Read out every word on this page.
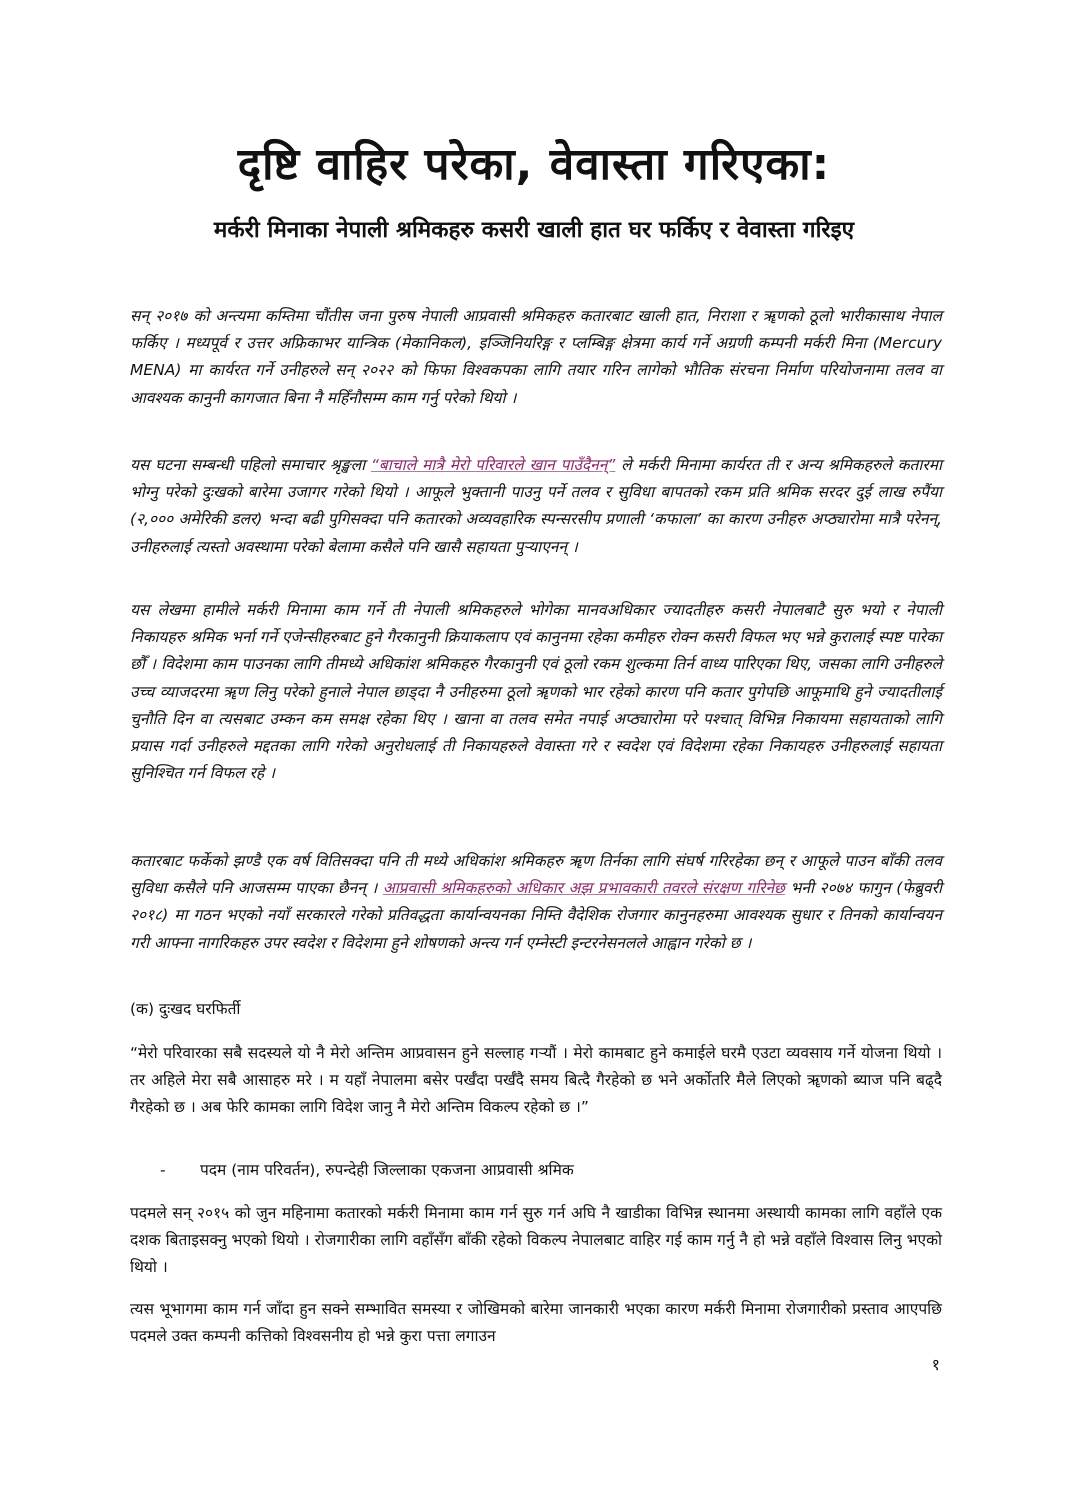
दृष्टि वाहिर परेका, वेवास्ता गरिएका:
मर्करी मिनाका नेपाली श्रमिकहरु कसरी खाली हात घर फर्किए र वेवास्ता गरिइए

सन् २०१७ को अन्त्यमा कम्तिमा चौंतीस जना पुरुष नेपाली आप्रवासी श्रमिकहरु कतारबाट खाली हात, निराशा र ॠणको ठूलो भारीकासाथ नेपाल फर्किए । मध्यपूर्व र उत्तर अफ्रिकाभर यान्त्रिक (मेकानिकल), इञ्जिनियरिङ्ग र प्लम्बिङ्ग क्षेत्रमा कार्य गर्ने अग्रणी कम्पनी मर्करी मिना (Mercury MENA) मा कार्यरत गर्ने उनीहरुले सन् २०२२ को फिफा विश्वकपका लागि तयार गरिन लागेको भौतिक संरचना निर्माण परियोजनामा तलव वा आवश्यक कानुनी कागजात बिना नै महिँनौसम्म काम गर्नु परेको थियो ।

यस घटना सम्बन्धी पहिलो समाचार श्रृङ्खला “बाचाले मात्रै मेरो परिवारले खान पाउँदैनन्” ले मर्करी मिनामा कार्यरत ती र अन्य श्रमिकहरुले कतारमा भोग्नु परेको दुःखको बारेमा उजागर गरेको थियो । आफूले भुक्तानी पाउनु पर्ने तलव र सुविधा बापतको रकम प्रति श्रमिक सरदर दुई लाख रुपैंया (२,००० अमेरिकी डलर) भन्दा बढी पुगिसक्दा पनि कतारको अव्यवहारिक स्पन्सरसीप प्रणाली ‘कफाला’ का कारण उनीहरु अप्ठ्यारोमा मात्रै परेनन्, उनीहरुलाई त्यस्तो अवस्थामा परेको बेलामा कसैले पनि खासै सहायता पुर्‍याएनन् ।

यस लेखमा हामीले मर्करी मिनामा काम गर्ने ती नेपाली श्रमिकहरुले भोगेका मानवअधिकार ज्यादतीहरु कसरी नेपालबाटै सुरु भयो र नेपाली निकायहरु श्रमिक भर्ना गर्ने एजेन्सीहरुबाट हुने गैरकानुनी क्रियाकलाप एवं कानुनमा रहेका कमीहरु रोक्न कसरी विफल भए भन्ने कुरालाई स्पष्ट पारेका छौँ । विदेशमा काम पाउनका लागि तीमध्ये अधिकांश श्रमिकहरु गैरकानुनी एवं ठूलो रकम शुल्कमा तिर्न वाध्य पारिएका थिए, जसका लागि उनीहरुले उच्च व्याजदरमा ॠण लिनु परेको हुनाले नेपाल छाड्दा नै उनीहरुमा ठूलो ॠणको भार रहेको कारण पनि कतार पुगेपछि आफूमाथि हुने ज्यादतीलाई चुनौति दिन वा त्यसबाट उम्कन कम समक्ष रहेका थिए । खाना वा तलव समेत नपाई अप्ठ्यारोमा परे पश्चात् विभिन्न निकायमा सहायताको लागि प्रयास गर्दा उनीहरुले मद्दतका लागि गरेको अनुरोधलाई ती निकायहरुले वेवास्ता गरे र स्वदेश एवं विदेशमा रहेका निकायहरु उनीहरुलाई सहायता सुनिश्चित गर्न विफल रहे ।

कतारबाट फर्केको झण्डै एक वर्ष वितिसक्दा पनि ती मध्ये अधिकांश श्रमिकहरु ॠण तिर्नका लागि संघर्ष गरिरहेका छन् र आफूले पाउन बाँकी तलव सुविधा कसैले पनि आजसम्म पाएका छैनन् । आप्रवासी श्रमिकहरुको अधिकार अझ प्रभावकारी तवरले संरक्षण गरिनेछ भनी २०७४ फागुन (फेब्रुवरी २०१८) मा गठन भएको नयाँ सरकारले गरेको प्रतिवद्धता कार्यान्वयनका निम्ति वैदेशिक रोजगार कानुनहरुमा आवश्यक सुधार र तिनको कार्यान्वयन गरी आफ्ना नागरिकहरु उपर स्वदेश र विदेशमा हुने शोषणको अन्त्य गर्न एम्नेस्टी इन्टरनेसनलले आह्वान गरेको छ ।

(क) दुःखद घरफिर्ती

“मेरो परिवारका सबै सदस्यले यो नै मेरो अन्तिम आप्रवासन हुने सल्लाह गर्‍यौं । मेरो कामबाट हुने कमाईले घरमै एउटा व्यवसाय गर्ने योजना थियो । तर अहिले मेरा सबै आसाहरु मरे । म यहाँ नेपालमा बसेर पर्खँदा पर्खँदै समय बित्दै गैरहेको छ भने अर्कोतरि मैले लिएको ॠणको ब्याज पनि बढ्दै गैरहेको छ । अब फेरि कामका लागि विदेश जानु नै मेरो अन्तिम विकल्प रहेको छ ।”

- पदम (नाम परिवर्तन), रुपन्देही जिल्लाका एकजना आप्रवासी श्रमिक

पदमले सन् २०१५ को जुन महिनामा कतारको मर्करी मिनामा काम गर्न सुरु गर्न अघि नै खाडीका विभिन्न स्थानमा अस्थायी कामका लागि वहाँले एक दशक बिताइसक्नु भएको थियो । रोजगारीका लागि वहाँसँग बाँकी रहेको विकल्प नेपालबाट वाहिर गई काम गर्नु नै हो भन्ने वहाँले विश्वास लिनु भएको थियो ।

त्यस भूभागमा काम गर्न जाँदा हुन सक्ने सम्भावित समस्या र जोखिमको बारेमा जानकारी भएका कारण मर्करी मिनामा रोजगारीको प्रस्ताव आएपछि पदमले उक्त कम्पनी कत्तिको विश्वसनीय हो भन्ने कुरा पत्ता लगाउन

१
